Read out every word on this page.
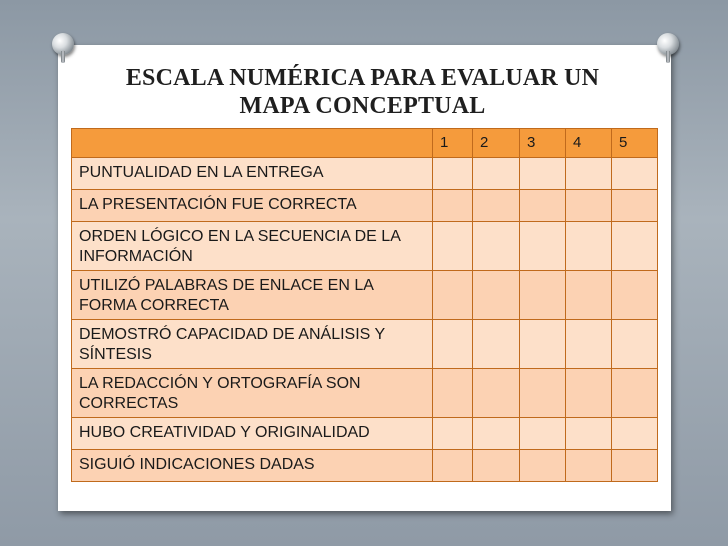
ESCALA NUMÉRICA PARA EVALUAR UN
MAPA CONCEPTUAL
	1	2	3	4	5
PUNTUALIDAD EN LA ENTREGA					
LA PRESENTACIÓN FUE CORRECTA					
ORDEN LÓGICO EN LA SECUENCIA DE LA INFORMACIÓN					
UTILIZÓ PALABRAS DE ENLACE EN LA FORMA CORRECTA					
DEMOSTRÓ CAPACIDAD DE ANÁLISIS Y SÍNTESIS					
LA REDACCIÓN Y ORTOGRAFÍA SON CORRECTAS					
HUBO CREATIVIDAD Y ORIGINALIDAD					
SIGUIÓ INDICACIONES DADAS					
